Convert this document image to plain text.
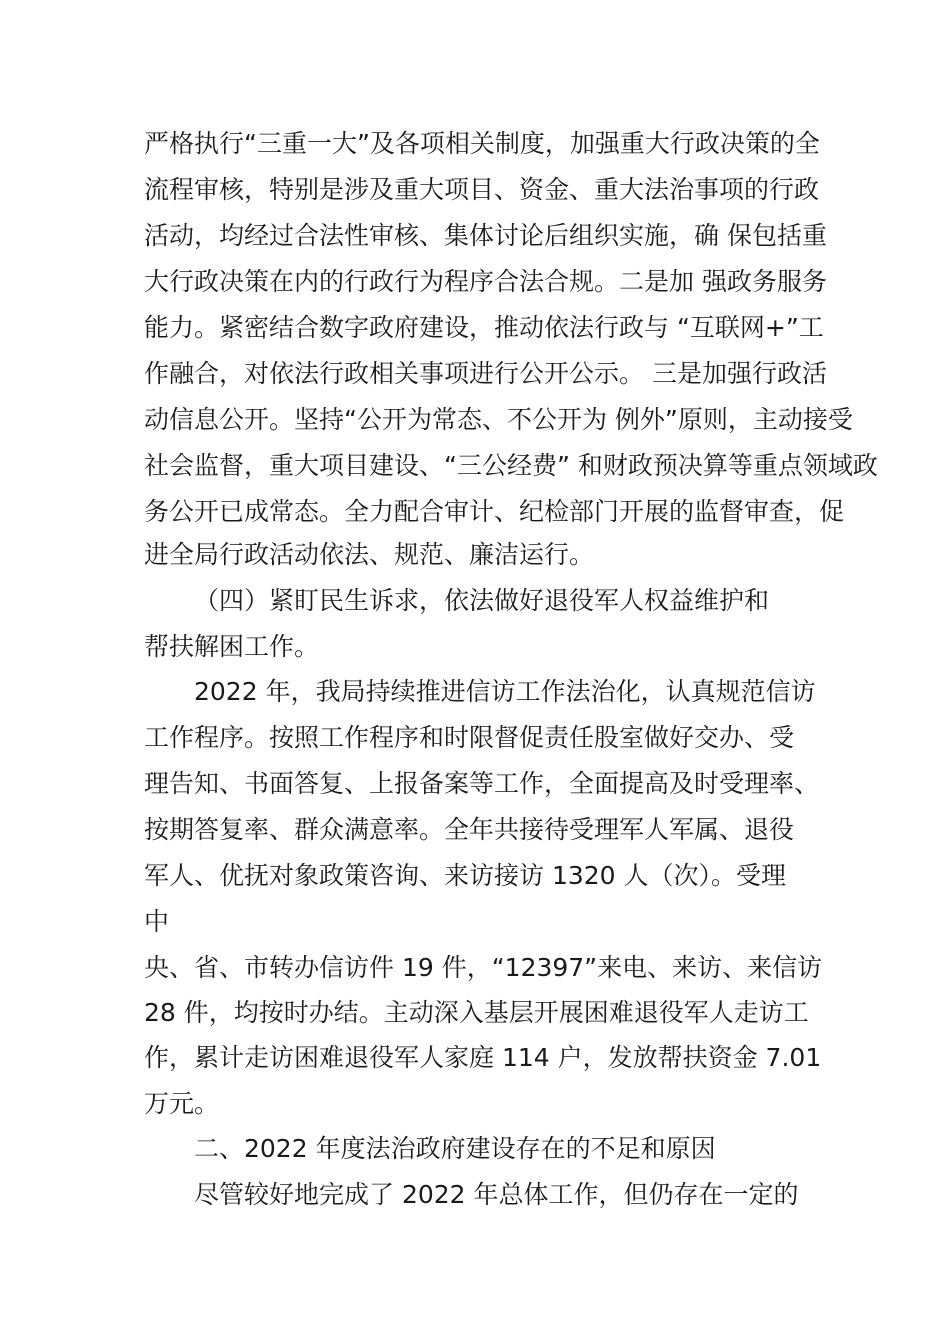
严格执行“三重一大”及各项相关制度，加强重大行政决策的全
流程审核，特别是涉及重大项目、资金、重大法治事项的行政
活动，均经过合法性审核、集体讨论后组织实施，确 保包括重
大行政决策在内的行政行为程序合法合规。二是加 强政务服务
能力。紧密结合数字政府建设，推动依法行政与 “互联网+”工
作融合，对依法行政相关事项进行公开公示。 三是加强行政活
动信息公开。坚持“公开为常态、不公开为 例外”原则，主动接受
社会监督，重大项目建设、“三公经费” 和财政预决算等重点领域政
务公开已成常态。全力配合审计、纪检部门开展的监督审查，促
进全局行政活动依法、规范、廉洁运行。
（四）紧盯民生诉求，依法做好退役军人权益维护和
帮扶解困工作。
2022 年，我局持续推进信访工作法治化，认真规范信访
工作程序。按照工作程序和时限督促责任股室做好交办、受
理告知、书面答复、上报备案等工作，全面提高及时受理率、
按期答复率、群众满意率。全年共接待受理军人军属、退役
军人、优抚对象政策咨询、来访接访 1320 人（次）。受理
中
央、省、市转办信访件 19 件，“12397”来电、来访、来信访
28 件，均按时办结。主动深入基层开展困难退役军人走访工
作，累计走访困难退役军人家庭 114 户，发放帮扶资金 7.01
万元。
二、2022 年度法治政府建设存在的不足和原因
尽管较好地完成了 2022 年总体工作，但仍存在一定的
